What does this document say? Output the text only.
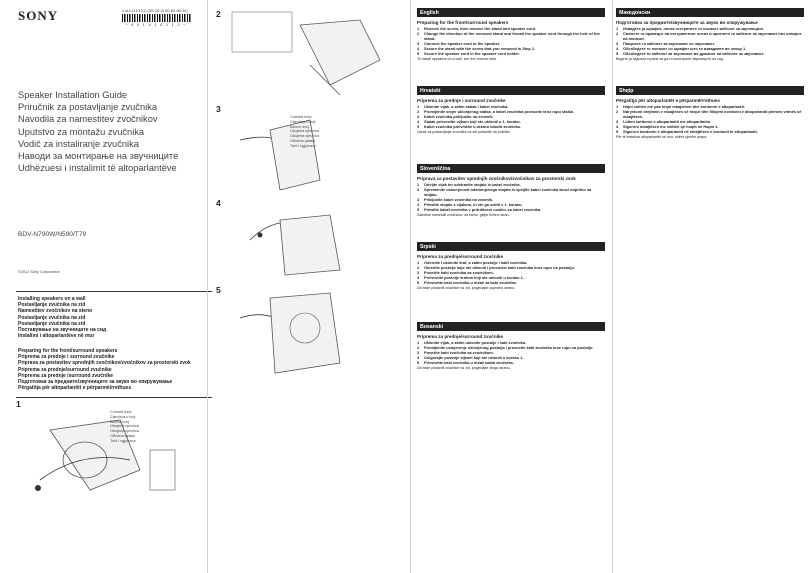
SONY	4-414-141-12(1) (GB-CR-SI-SR-BS-MK-AL)
* 4 4 1 4 1 4 1 1 2 *
Speaker Installation Guide
Priručnik za postavljanje zvučnika
Navodila za namestitev zvočnikov
Uputstvo za montažu zvučnika
Vodič za instaliranje zvučnika
Наводи за монтирање на звучниците
Udhëzuesi i instalimit të altoparlantëve
BDV-N790W/N590/T79
©2012 Sony Corporation
Installing speakers on a wall
Postavljanje zvučnika na zid
Namestitev zvočnikov na steno
Postavljanje zvučnika na zid
Postavljanje zvučnika na zid
Поставување на звучниците на сид
Instalimi i altoparlantëve në mur
Preparing for the front/surround speakers
Priprema za prednje i surround zvučnike
Priprava za postavitev sprednjih zvočnikov/zvočnikov za prostorski zvok
Priprema za prednje/surround zvučnike
Priprema za prednje /surround zvučnike
Подготовка за предните/звучниците за звуко во опкружување
Përgatitja për altoparlantët e përparmë/rrethues
1
Colored tube
Cijevčica u boji
Barvni ovoj
Obojena cjevčica
Obojena cjevčica
Обоена цевка
Tubi i ngjyrosur
2
3
Colored tube
Cijevčica u boji
Barvni ovoj
Obojena cjevčica
Obojena cjevčica
Обоена цевка
Tubi i ngjyrosur
4
5
English
Preparing for the front/surround speakers
1 Remove the screw, then remove the stand and speaker cord.
2 Change the direction of the removed stand and thread the speaker cord through the hole of the stand.
3 Connect the speaker cord to the speaker.
4 Secure the stand with the screw that you removed in Step 1.
5 Secure the speaker cord in the speaker cord holder.
To install speakers on a wall, see the reverse side.
Hrvatski
Priprema za prednje i surround zvučnike
1 Uklonite vijak, a zatim stalak i kabel zvučnika.
2 Promijenite smjer uklonjenog stalka, a kabel zvučnika provucite kroz rupu stalka.
3 Kabel zvučnika priključite na zvučnik.
4 Stalak pričvrstite vijkom koji ste uklonili u 1. koraku.
5 Kabel zvučnika pričvrstite u držaču kabela zvučnika.
Upute za postavljanje zvučnika na zid potražite na poleđini.
Slovenščina
Priprava za postavitev sprednjih zvočnikov/zvočnikov za prostorski zvok
1 Odvijte vijak ter odstranite stojalo in kabel zvočnika.
2 Spremenite usmerjenost odstranjenega stojala in speljite kabel zvočnika skozi odprtino na stojalu.
3 Priključite kabel zvočnika na zvočnik.
4 Pritrdite stojalo z vijakom, ki ste ga odvili v 1. koraku.
5 Pritrdite kabel zvočnika v pritrditveni nosilec za kabel zvočnika.
Zaleštne namestitl zvočnikov na steno, glejte hrbtno stran.
Srpski
Priprema za prednje/surround zvučnike
1 Odvrnite i uklonite šraf, a zatim postolje i kabl zvučnika.
2 Okrenite postolje koje ste uklonili i provucite kabl zvučnika kroz rupu na postolju.
3 Povežite kabl zvučnika sa zvučnikom.
4 Pričvrstite postolje šrafom koji ste uklonili u koraku 1.
5 Pričvrstite kabl zvučnika u držač za kabl zvučnika.
Da biste postavili zvučnike na zid, pogledajte suprotnu stranu.
Bosanski
Priprema za prednje/surround zvučnike
1 Uklonite vijak, a zatim uklonite postolje i kabl zvučnika.
2 Promijenite usmjerenje uklonjenog postolja i provucite kabl zvučnika kroz rupu na postolju.
3 Povežite kabl zvučnika sa zvučnikom.
4 Osigurajte postolje vijkom koji ste uklonili u koraku 1.
5 Pričvrstite kabl zvučnika u držač kabla zvučnika.
Da biste postavili zvučnike na zid, pogledajte drugu stranu.
Македонски
Подготовка за предните/звучниците за звуко во опкружување
1 Извадете ја шрафот, потоа отстранете го носачот кабелот за звучниците.
2 Сменете го правецот на отстранетиот носач и протнете го кабелот за звучникот низ отворот на носачот.
3 Поврзете го кабелот за звучникот со звучникот.
4 Обезбедете го носачот со шрафот што го извадивте во чекор 1.
5 Обезбедете го кабелот за звучникот во држачот на кабелот за звучникот.
Видете ја задната страна за да ги монтирате звучниците на сид.
Shqip
Përgatitja për altoparlantët e përparmë/rrethues
1 Hiqni vidhën më pas hiqni mbajtësen dhe kordonin e altoparlantit.
2 Ndryshoni drejtimin e mbajtëses së hequr dhe fillojeni kordonin e altoparlantit përmes vrimës së mbajtëses.
3 Lidhni kordonin e altoparlantit me altoparlantin.
4 Siguroni mbajtësen me vidhën që hoqët në Hapin 1.
5 Siguroni kordonin e altoparlantit në mbajtësen e kordonit të altoparlantit.
Për të instaluar altoparlantët në mur, shihni pjesën prapa.
